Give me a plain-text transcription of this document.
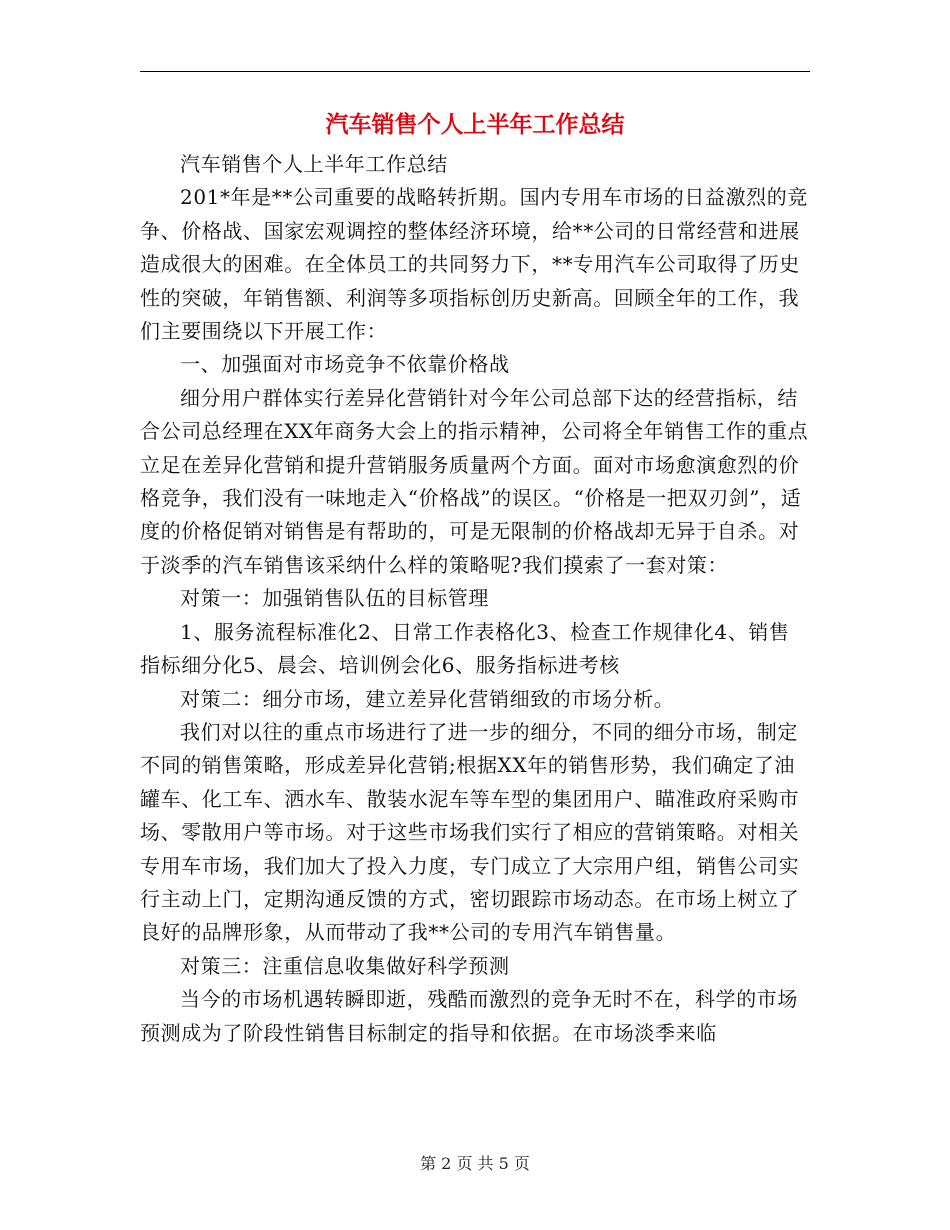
汽车销售个人上半年工作总结

汽车销售个人上半年工作总结

201*年是**公司重要的战略转折期。国内专用车市场的日益激烈的竞争、价格战、国家宏观调控的整体经济环境，给**公司的日常经营和进展造成很大的困难。在全体员工的共同努力下，**专用汽车公司取得了历史性的突破，年销售额、利润等多项指标创历史新高。回顾全年的工作，我们主要围绕以下开展工作：

一、加强面对市场竞争不依靠价格战

细分用户群体实行差异化营销针对今年公司总部下达的经营指标，结合公司总经理在XX年商务大会上的指示精神，公司将全年销售工作的重点立足在差异化营销和提升营销服务质量两个方面。面对市场愈演愈烈的价格竞争，我们没有一味地走入“价格战”的误区。“价格是一把双刃剑”，适度的价格促销对销售是有帮助的，可是无限制的价格战却无异于自杀。对于淡季的汽车销售该采纳什么样的策略呢?我们摸索了一套对策：

对策一：加强销售队伍的目标管理

1、服务流程标准化2、日常工作表格化3、检查工作规律化4、销售指标细分化5、晨会、培训例会化6、服务指标进考核

对策二：细分市场，建立差异化营销细致的市场分析。

我们对以往的重点市场进行了进一步的细分，不同的细分市场，制定不同的销售策略，形成差异化营销;根据XX年的销售形势，我们确定了油罐车、化工车、洒水车、散装水泥车等车型的集团用户、瞄准政府采购市场、零散用户等市场。对于这些市场我们实行了相应的营销策略。对相关专用车市场，我们加大了投入力度，专门成立了大宗用户组，销售公司实行主动上门，定期沟通反馈的方式，密切跟踪市场动态。在市场上树立了良好的品牌形象，从而带动了我**公司的专用汽车销售量。

对策三：注重信息收集做好科学预测

当今的市场机遇转瞬即逝，残酷而激烈的竞争无时不在，科学的市场预测成为了阶段性销售目标制定的指导和依据。在市场淡季来临

第 2 页 共 5 页
